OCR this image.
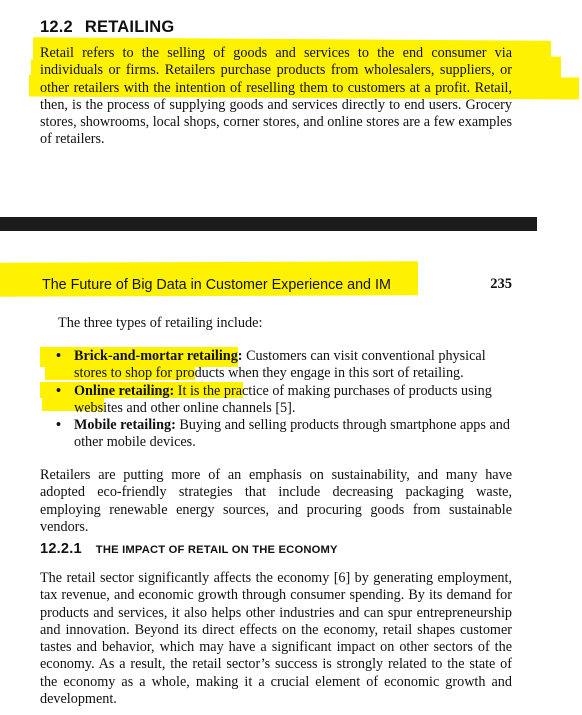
12.2 RETAILING

Retail refers to the selling of goods and services to the end consumer via individuals or firms. Retailers purchase products from wholesalers, suppliers, or other retailers with the intention of reselling them to customers at a profit. Retail, then, is the process of supplying goods and services directly to end users. Grocery stores, showrooms, local shops, corner stores, and online stores are a few examples of retailers.

The Future of Big Data in Customer Experience and IM	235
The three types of retailing include:
• Brick-and-mortar retailing: Customers can visit conventional physical stores to shop for products when they engage in this sort of retailing.
• Online retailing: It is the practice of making purchases of products using websites and other online channels [5].
• Mobile retailing: Buying and selling products through smartphone apps and other mobile devices.

Retailers are putting more of an emphasis on sustainability, and many have adopted eco-friendly strategies that include decreasing packaging waste, employing renewable energy sources, and procuring goods from sustainable vendors.

12.2.1 THE IMPACT OF RETAIL ON THE ECONOMY

The retail sector significantly affects the economy [6] by generating employment, tax revenue, and economic growth through consumer spending. By its demand for products and services, it also helps other industries and can spur entrepreneurship and innovation. Beyond its direct effects on the economy, retail shapes customer tastes and behavior, which may have a significant impact on other sectors of the economy. As a result, the retail sector’s success is strongly related to the state of the economy as a whole, making it a crucial element of economic growth and development.
